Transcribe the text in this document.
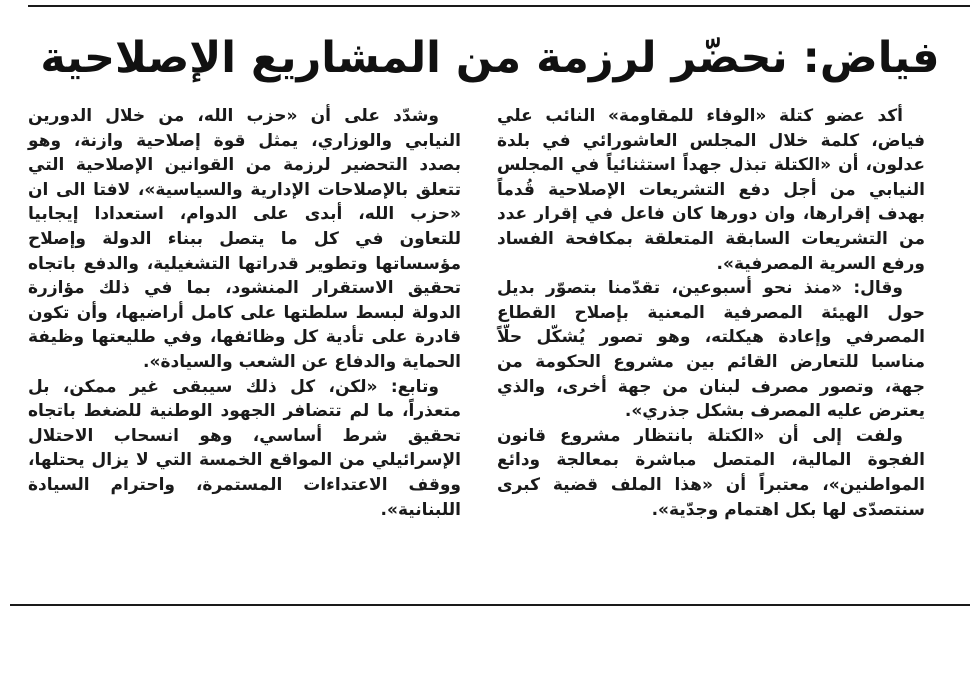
فياض: نحضّر لرزمة من المشاريع الإصلاحية

أكد عضو كتلة «الوفاء للمقاومة» النائب علي فياض، كلمة خلال المجلس العاشورائي في بلدة عدلون، أن «الكتلة تبذل جهداً استثنائياً في المجلس النيابي من أجل دفع التشريعات الإصلاحية قُدماً بهدف إقرارها، وان دورها كان فاعل في إقرار عدد من التشريعات السابقة المتعلقة بمكافحة الفساد ورفع السرية المصرفية».

وقال: «منذ نحو أسبوعين، تقدّمنا بتصوّر بديل حول الهيئة المصرفية المعنية بإصلاح القطاع المصرفي وإعادة هيكلته، وهو تصور يُشكّل حلّاً مناسبا للتعارض القائم بين مشروع الحكومة من جهة، وتصور مصرف لبنان من جهة أخرى، والذي يعترض عليه المصرف بشكل جذري».

ولفت إلى أن «الكتلة بانتظار مشروع قانون الفجوة المالية، المتصل مباشرة بمعالجة ودائع المواطنين»، معتبراً أن «هذا الملف قضية كبرى سنتصدّى لها بكل اهتمام وجدّية».

وشدّد على أن «حزب الله، من خلال الدورين النيابي والوزاري، يمثل قوة إصلاحية وازنة، وهو بصدد التحضير لرزمة من القوانين الإصلاحية التي تتعلق بالإصلاحات الإدارية والسياسية»، لافتا الى ان «حزب الله، أبدى على الدوام، استعدادا إيجابيا للتعاون في كل ما يتصل ببناء الدولة وإصلاح مؤسساتها وتطوير قدراتها التشغيلية، والدفع باتجاه تحقيق الاستقرار المنشود، بما في ذلك مؤازرة الدولة لبسط سلطتها على كامل أراضيها، وأن تكون قادرة على تأدية كل وظائفها، وفي طليعتها وظيفة الحماية والدفاع عن الشعب والسيادة».

وتابع: «لكن، كل ذلك سيبقى غير ممكن، بل متعذراً، ما لم تتضافر الجهود الوطنية للضغط باتجاه تحقيق شرط أساسي، وهو انسحاب الاحتلال الإسرائيلي من المواقع الخمسة التي لا يزال يحتلها، ووقف الاعتداءات المستمرة، واحترام السيادة اللبنانية».
